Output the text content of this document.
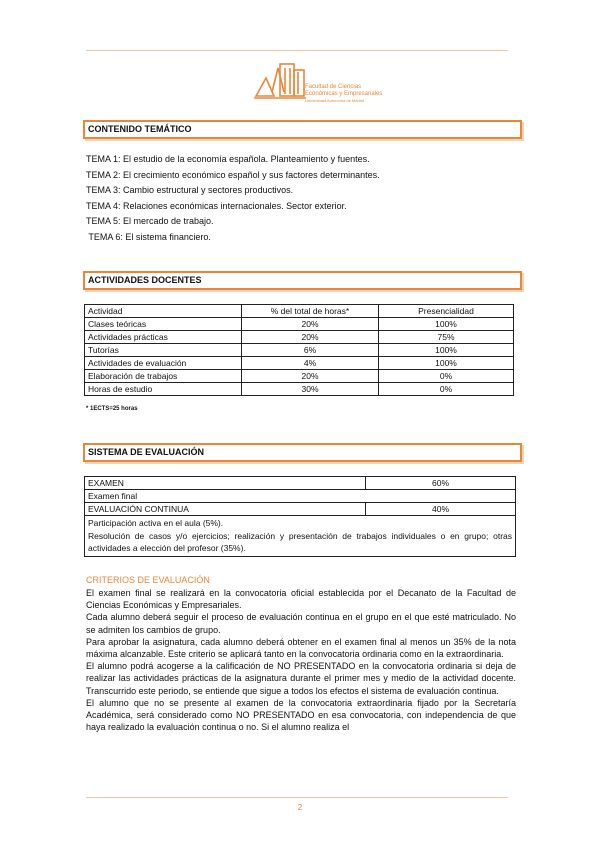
Facultad de Ciencias
Económicas y Empresariales
Universidad Autónoma de Madrid
CONTENIDO TEMÁTICO
TEMA 1: El estudio de la economía española. Planteamiento y fuentes.
TEMA 2: El crecimiento económico español y sus factores determinantes.
TEMA 3: Cambio estructural y sectores productivos.
TEMA 4: Relaciones económicas internacionales. Sector exterior.
TEMA 5: El mercado de trabajo.
TEMA 6: El sistema financiero.
ACTIVIDADES DOCENTES
Actividad	% del total de horas*	Presencialidad
Clases teóricas	20%	100%
Actividades prácticas	20%	75%
Tutorías	6%	100%
Actividades de evaluación	4%	100%
Elaboración de trabajos	20%	0%
Horas de estudio	30%	0%
* 1ECTS=25 horas
SISTEMA DE EVALUACIÓN
EXAMEN	60%
Examen final	
EVALUACIÓN CONTINUA	40%

Participación activa en el aula (5%).
Resolución de casos y/o ejercicios; realización y presentación de trabajos individuales o en grupo; otras actividades a elección del profesor (35%).	
CRITERIOS DE EVALUACIÓN

El examen final se realizará en la convocatoria oficial establecida por el Decanato de la Facultad de Ciencias Económicas y Empresariales.

Cada alumno deberá seguir el proceso de evaluación continua en el grupo en el que esté matriculado. No se admiten los cambios de grupo.

Para aprobar la asignatura, cada alumno deberá obtener en el examen final al menos un 35% de la nota máxima alcanzable. Este criterio se aplicará tanto en la convocatoria ordinaria como en la extraordinaria.

El alumno podrá acogerse a la calificación de NO PRESENTADO en la convocatoria ordinaria si deja de realizar las actividades prácticas de la asignatura durante el primer mes y medio de la actividad docente. Transcurrido este periodo, se entiende que sigue a todos los efectos el sistema de evaluación continua.

El alumno que no se presente al examen de la convocatoria extraordinaria fijado por la Secretaría Académica, será considerado como NO PRESENTADO en esa convocatoria, con independencia de que haya realizado la evaluación continua o no. Si el alumno realiza el

2
